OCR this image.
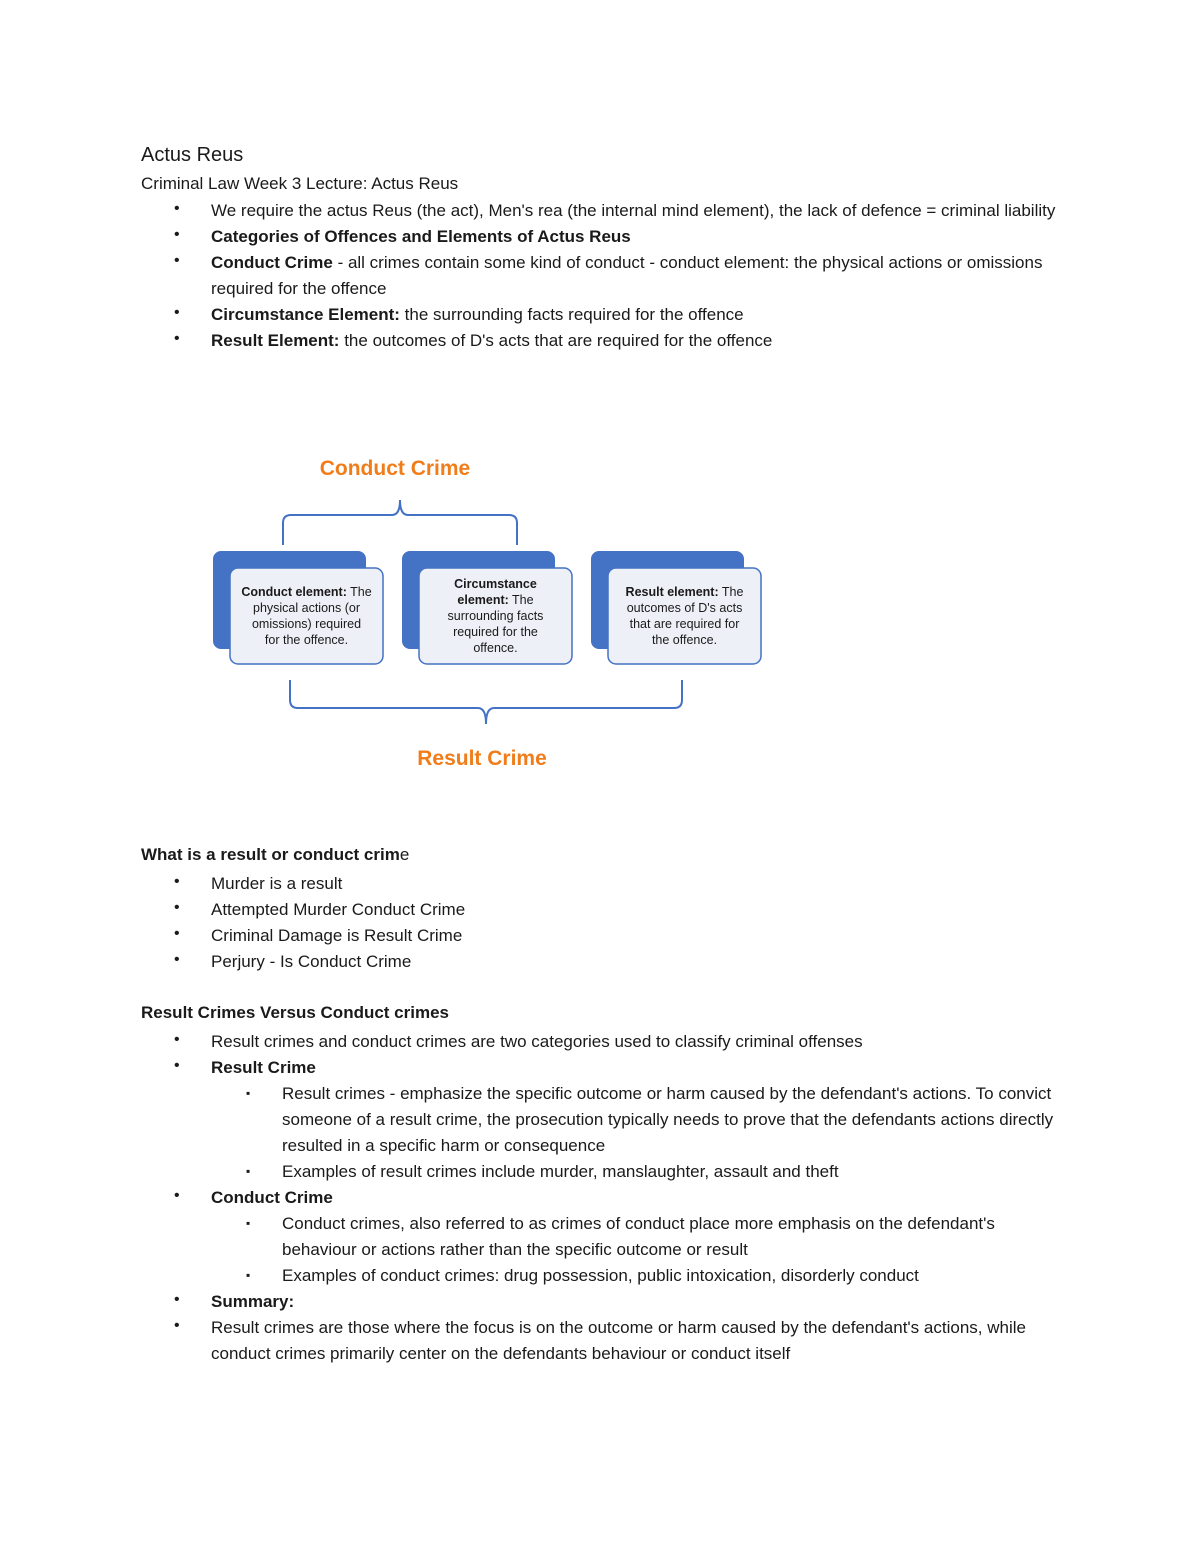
Actus Reus
Criminal Law Week 3 Lecture: Actus Reus
• We require the actus Reus (the act), Men's rea (the internal mind element), the lack of defence = criminal liability
• Categories of Offences and Elements of Actus Reus
• Conduct Crime - all crimes contain some kind of conduct - conduct element: the physical actions or omissions required for the offence
• Circumstance Element: the surrounding facts required for the offence
• Result Element: the outcomes of D's acts that are required for the offence
Conduct Crime
Conduct element: The
physical actions (or
omissions) required
for the offence.
Circumstance
element: The
surrounding facts
required for the
offence.
Result element: The
outcomes of D's acts
that are required for
the offence.
Result Crime
What is a result or conduct crime
• Murder is a result
• Attempted Murder Conduct Crime
• Criminal Damage is Result Crime
• Perjury - Is Conduct Crime
Result Crimes Versus Conduct crimes
• Result crimes and conduct crimes are two categories used to classify criminal offenses
• Result Crime
▪ Result crimes - emphasize the specific outcome or harm caused by the defendant's actions. To convict someone of a result crime, the prosecution typically needs to prove that the defendants actions directly resulted in a specific harm or consequence
▪ Examples of result crimes include murder, manslaughter, assault and theft
• Conduct Crime
▪ Conduct crimes, also referred to as crimes of conduct place more emphasis on the defendant's behaviour or actions rather than the specific outcome or result
▪ Examples of conduct crimes: drug possession, public intoxication, disorderly conduct
• Summary:
• Result crimes are those where the focus is on the outcome or harm caused by the defendant's actions, while conduct crimes primarily center on the defendants behaviour or conduct itself
